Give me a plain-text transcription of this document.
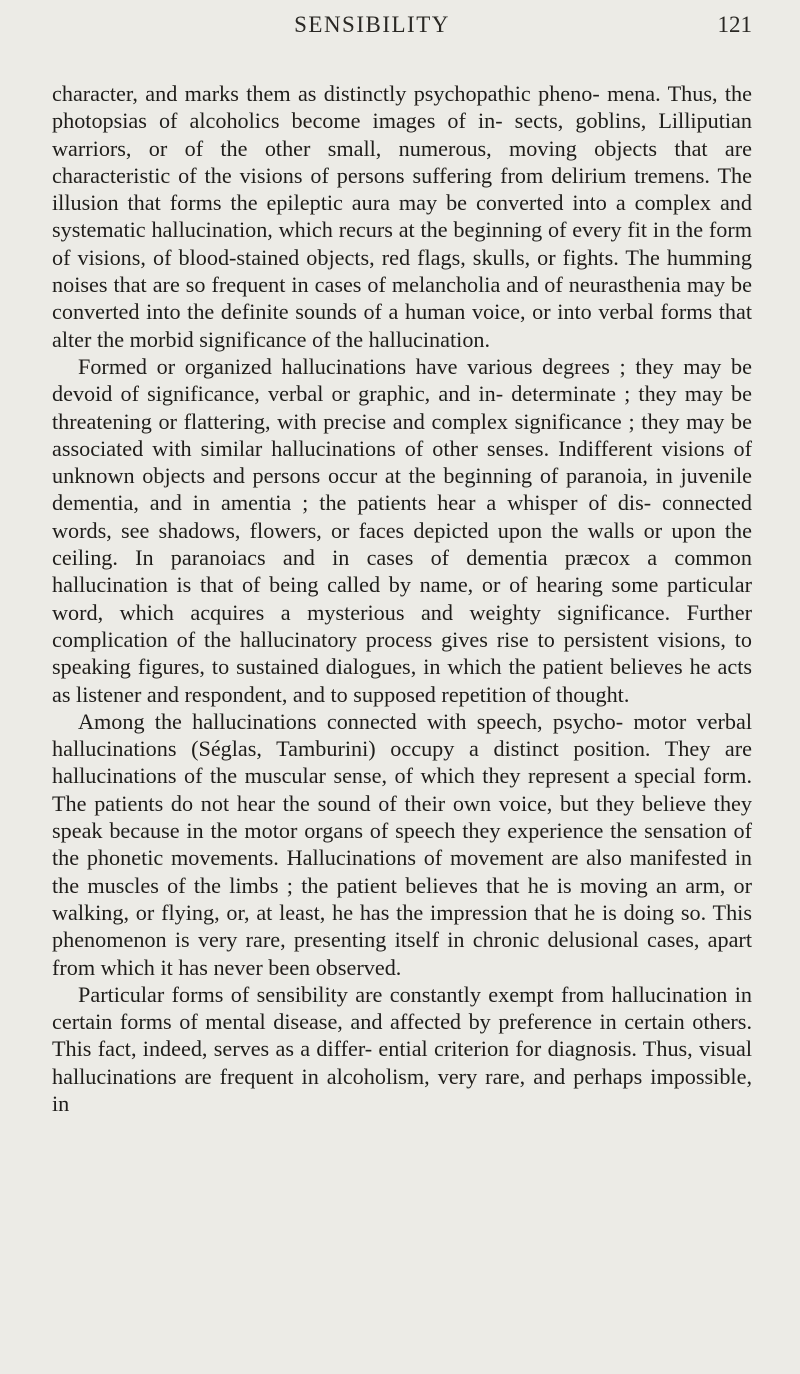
SENSIBILITY	121

character, and marks them as distinctly psychopathic pheno- mena. Thus, the photopsias of alcoholics become images of in- sects, goblins, Lilliputian warriors, or of the other small, numerous, moving objects that are characteristic of the visions of persons suffering from delirium tremens. The illusion that forms the epileptic aura may be converted into a complex and systematic hallucination, which recurs at the beginning of every fit in the form of visions, of blood-stained objects, red flags, skulls, or fights. The humming noises that are so frequent in cases of melancholia and of neurasthenia may be converted into the definite sounds of a human voice, or into verbal forms that alter the morbid significance of the hallucination.

Formed or organized hallucinations have various degrees ; they may be devoid of significance, verbal or graphic, and in- determinate ; they may be threatening or flattering, with precise and complex significance ; they may be associated with similar hallucinations of other senses. Indifferent visions of unknown objects and persons occur at the beginning of paranoia, in juvenile dementia, and in amentia ; the patients hear a whisper of dis- connected words, see shadows, flowers, or faces depicted upon the walls or upon the ceiling. In paranoiacs and in cases of dementia præcox a common hallucination is that of being called by name, or of hearing some particular word, which acquires a mysterious and weighty significance. Further complication of the hallucinatory process gives rise to persistent visions, to speaking figures, to sustained dialogues, in which the patient believes he acts as listener and respondent, and to supposed repetition of thought.

Among the hallucinations connected with speech, psycho- motor verbal hallucinations (Séglas, Tamburini) occupy a distinct position. They are hallucinations of the muscular sense, of which they represent a special form. The patients do not hear the sound of their own voice, but they believe they speak because in the motor organs of speech they experience the sensation of the phonetic movements. Hallucinations of movement are also manifested in the muscles of the limbs ; the patient believes that he is moving an arm, or walking, or flying, or, at least, he has the impression that he is doing so. This phenomenon is very rare, presenting itself in chronic delusional cases, apart from which it has never been observed.

Particular forms of sensibility are constantly exempt from hallucination in certain forms of mental disease, and affected by preference in certain others. This fact, indeed, serves as a differ- ential criterion for diagnosis. Thus, visual hallucinations are frequent in alcoholism, very rare, and perhaps impossible, in
